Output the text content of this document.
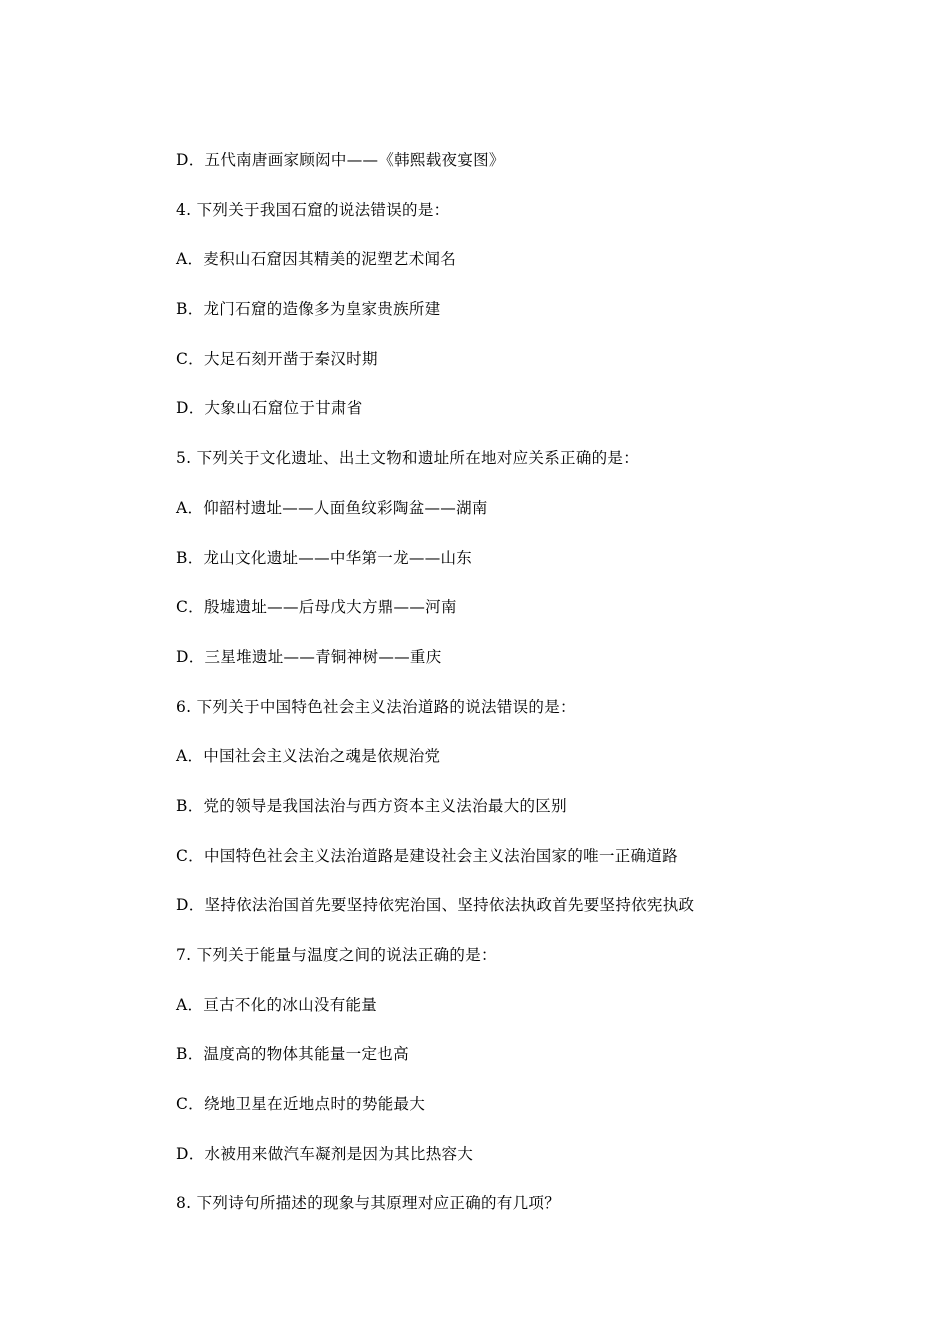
D．五代南唐画家顾闳中——《韩熙载夜宴图》
4. 下列关于我国石窟的说法错误的是：
A．麦积山石窟因其精美的泥塑艺术闻名
B．龙门石窟的造像多为皇家贵族所建
C．大足石刻开凿于秦汉时期
D．大象山石窟位于甘肃省
5. 下列关于文化遗址、出土文物和遗址所在地对应关系正确的是：
A．仰韶村遗址——人面鱼纹彩陶盆——湖南
B．龙山文化遗址——中华第一龙——山东
C．殷墟遗址——后母戊大方鼎——河南
D．三星堆遗址——青铜神树——重庆
6. 下列关于中国特色社会主义法治道路的说法错误的是：
A．中国社会主义法治之魂是依规治党
B．党的领导是我国法治与西方资本主义法治最大的区别
C．中国特色社会主义法治道路是建设社会主义法治国家的唯一正确道路
D．坚持依法治国首先要坚持依宪治国、坚持依法执政首先要坚持依宪执政
7. 下列关于能量与温度之间的说法正确的是：
A．亘古不化的冰山没有能量
B．温度高的物体其能量一定也高
C．绕地卫星在近地点时的势能最大
D．水被用来做汽车凝剂是因为其比热容大
8. 下列诗句所描述的现象与其原理对应正确的有几项？
